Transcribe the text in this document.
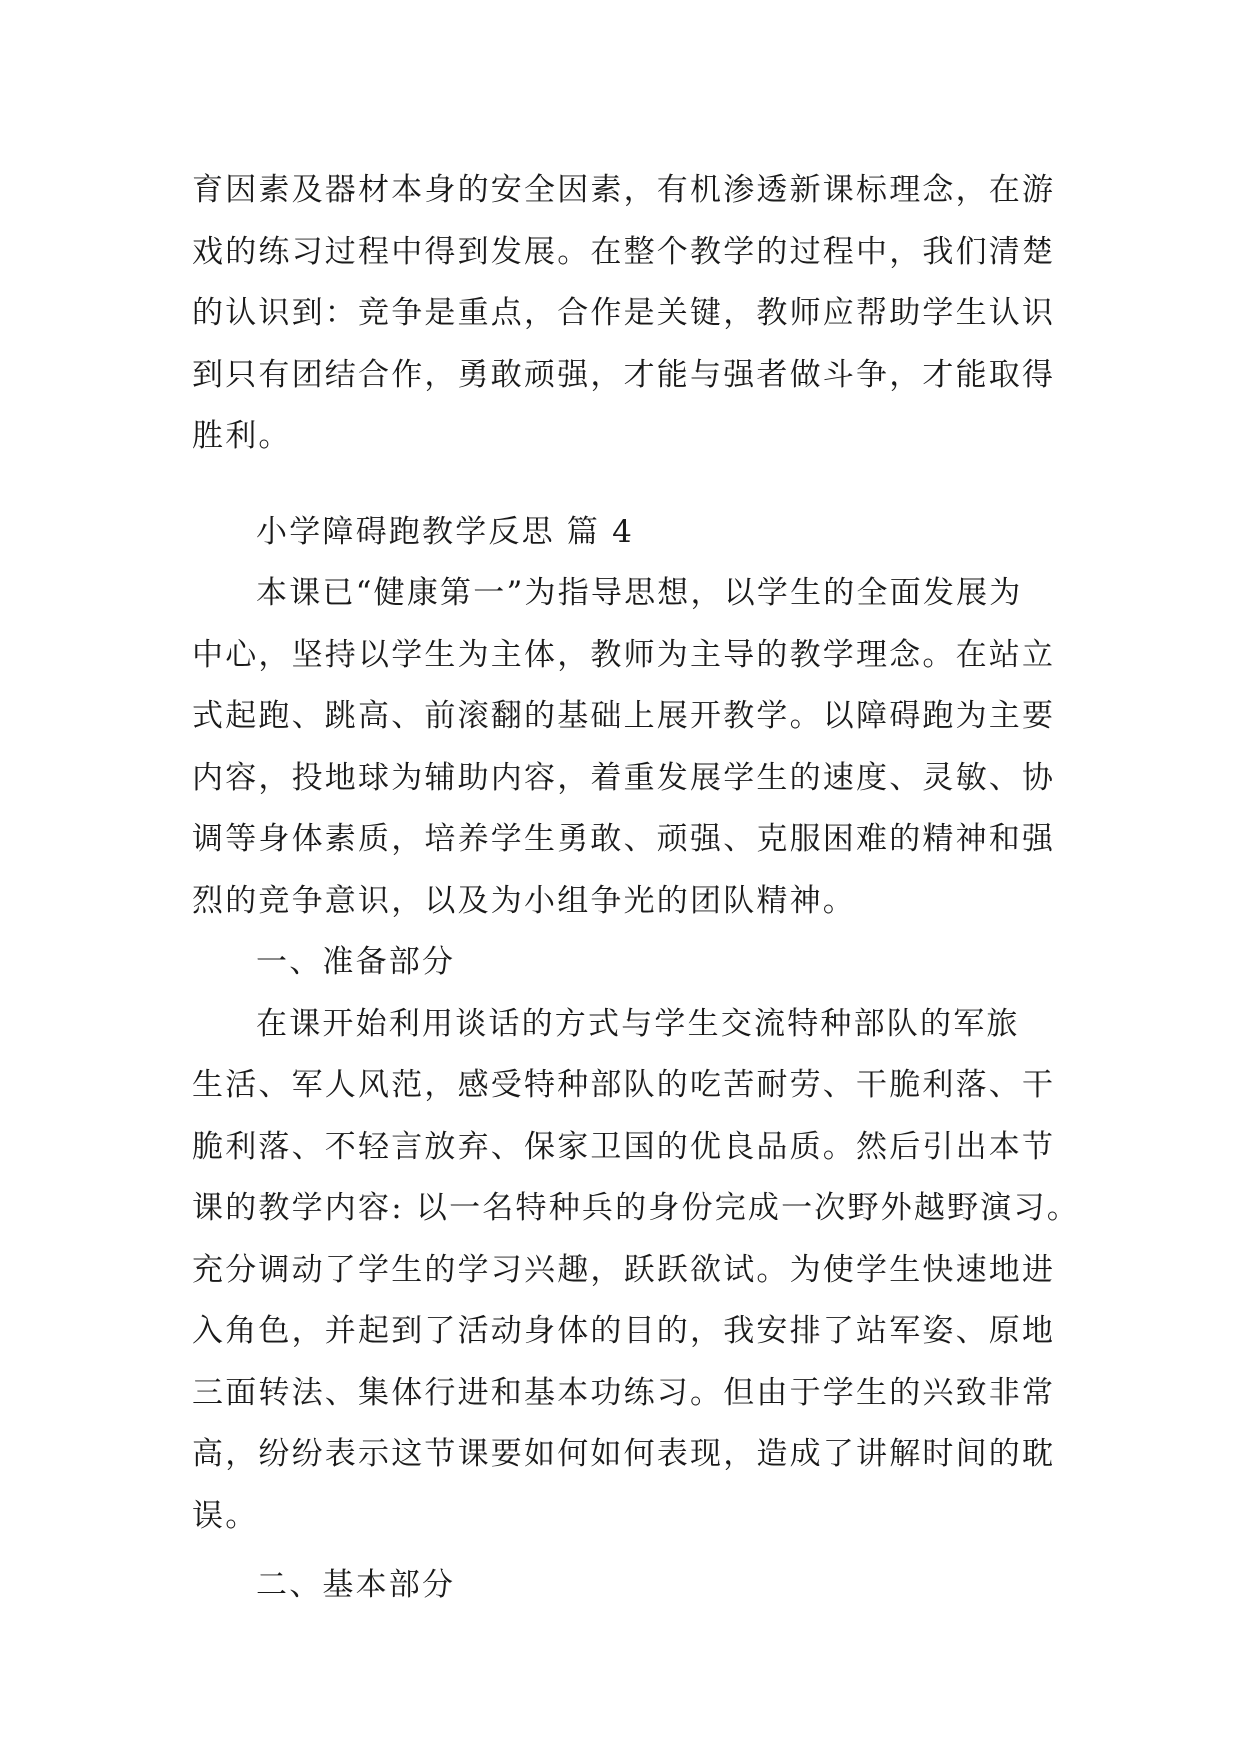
育因素及器材本身的安全因素，有机渗透新课标理念，在游
戏的练习过程中得到发展。在整个教学的过程中，我们清楚
的认识到：竞争是重点，合作是关键，教师应帮助学生认识
到只有团结合作，勇敢顽强，才能与强者做斗争，才能取得
胜利。
小学障碍跑教学反思 篇 4
本课已“健康第一”为指导思想，以学生的全面发展为
中心，坚持以学生为主体，教师为主导的教学理念。在站立
式起跑、跳高、前滚翻的基础上展开教学。以障碍跑为主要
内容，投地球为辅助内容，着重发展学生的速度、灵敏、协
调等身体素质，培养学生勇敢、顽强、克服困难的精神和强
烈的竞争意识，以及为小组争光的团队精神。
一、准备部分
在课开始利用谈话的方式与学生交流特种部队的军旅
生活、军人风范，感受特种部队的吃苦耐劳、干脆利落、干
脆利落、不轻言放弃、保家卫国的优良品质。然后引出本节
课的教学内容: 以一名特种兵的身份完成一次野外越野演习。
充分调动了学生的学习兴趣，跃跃欲试。为使学生快速地进
入角色，并起到了活动身体的目的，我安排了站军姿、原地
三面转法、集体行进和基本功练习。但由于学生的兴致非常
高，纷纷表示这节课要如何如何表现，造成了讲解时间的耽
误。
二、基本部分
